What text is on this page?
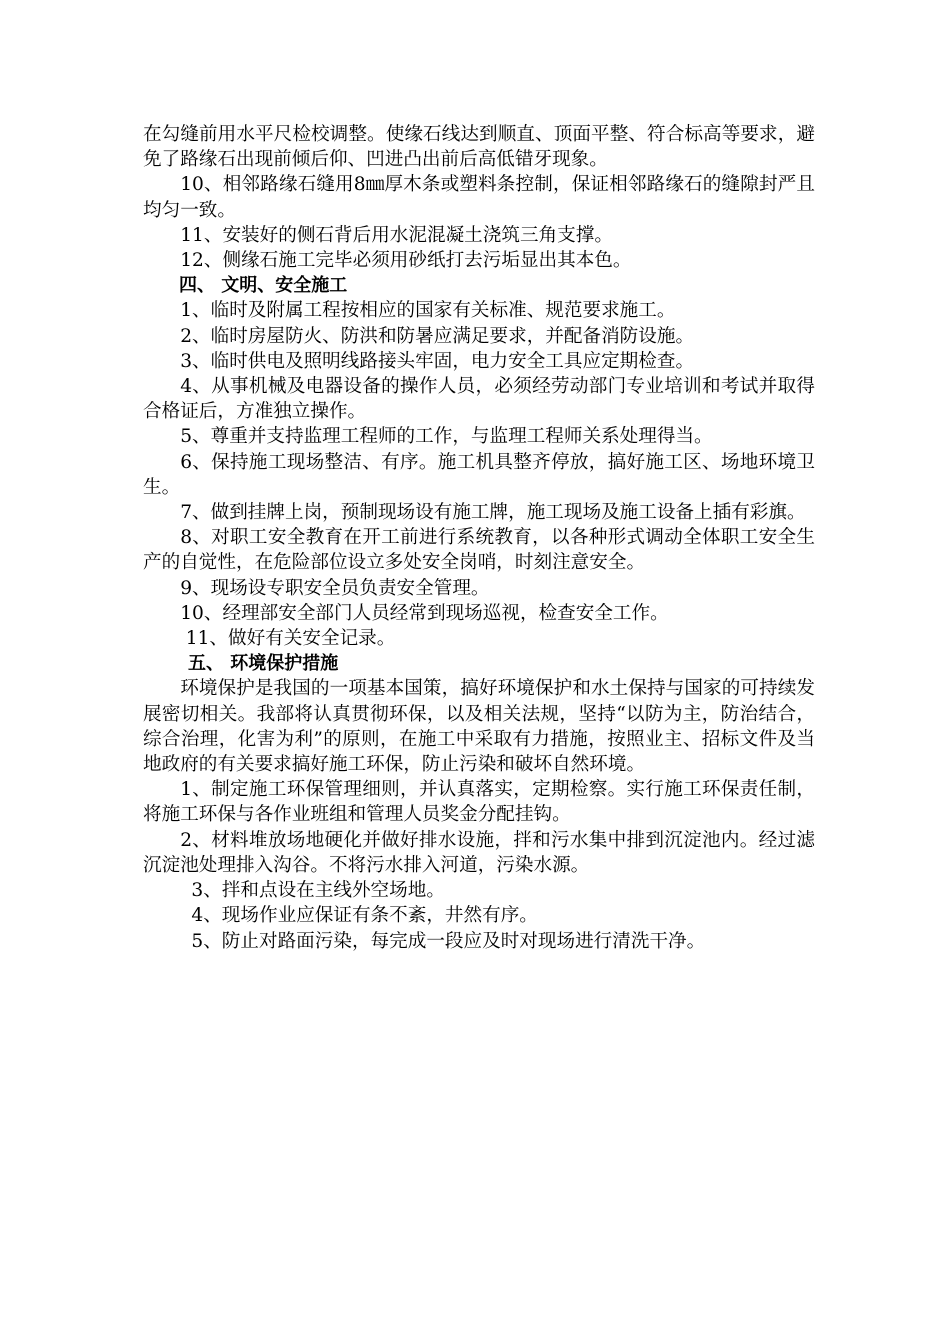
在勾缝前用水平尺检校调整。使缘石线达到顺直、顶面平整、符合标高等要求，避免了路缘石出现前倾后仰、凹进凸出前后高低错牙现象。

10、相邻路缘石缝用8㎜厚木条或塑料条控制，保证相邻路缘石的缝隙封严且均匀一致。

11、安装好的侧石背后用水泥混凝土浇筑三角支撑。

12、侧缘石施工完毕必须用砂纸打去污垢显出其本色。

四、 文明、安全施工

1、临时及附属工程按相应的国家有关标准、规范要求施工。

2、临时房屋防火、防洪和防暑应满足要求，并配备消防设施。

3、临时供电及照明线路接头牢固，电力安全工具应定期检查。

4、从事机械及电器设备的操作人员，必须经劳动部门专业培训和考试并取得合格证后，方准独立操作。

5、尊重并支持监理工程师的工作，与监理工程师关系处理得当。

6、保持施工现场整洁、有序。施工机具整齐停放，搞好施工区、场地环境卫生。

7、做到挂牌上岗，预制现场设有施工牌，施工现场及施工设备上插有彩旗。

8、对职工安全教育在开工前进行系统教育，以各种形式调动全体职工安全生产的自觉性，在危险部位设立多处安全岗哨，时刻注意安全。

9、现场设专职安全员负责安全管理。

10、经理部安全部门人员经常到现场巡视，检查安全工作。

11、做好有关安全记录。

五、 环境保护措施

环境保护是我国的一项基本国策，搞好环境保护和水土保持与国家的可持续发展密切相关。我部将认真贯彻环保，以及相关法规，坚持“以防为主，防治结合，综合治理，化害为利”的原则，在施工中采取有力措施，按照业主、招标文件及当地政府的有关要求搞好施工环保，防止污染和破坏自然环境。

1、制定施工环保管理细则，并认真落实，定期检察。实行施工环保责任制，将施工环保与各作业班组和管理人员奖金分配挂钩。

2、材料堆放场地硬化并做好排水设施，拌和污水集中排到沉淀池内。经过滤沉淀池处理排入沟谷。不将污水排入河道，污染水源。

3、拌和点设在主线外空场地。

4、现场作业应保证有条不紊，井然有序。

5、防止对路面污染，每完成一段应及时对现场进行清洗干净。
